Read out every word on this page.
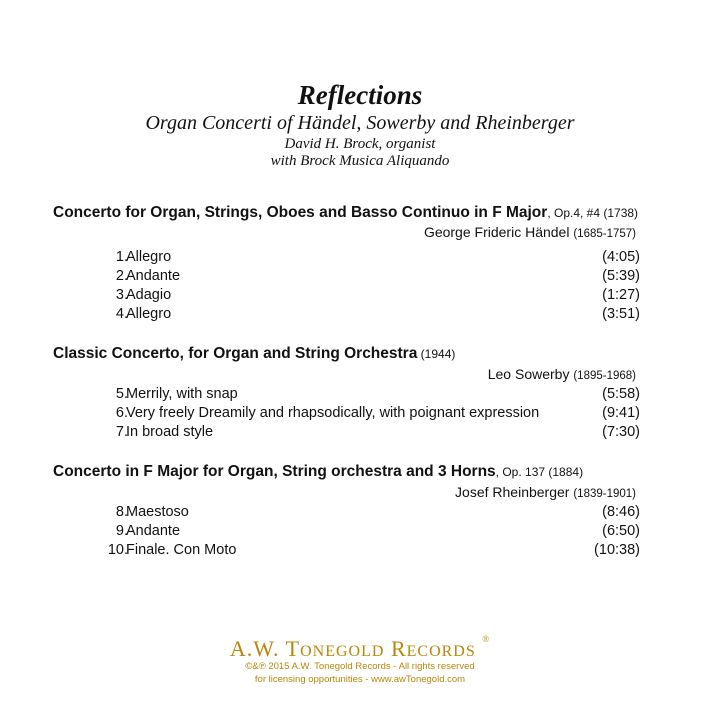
Reflections
Organ Concerti of Händel, Sowerby and Rheinberger
David H. Brock, organist
with Brock Musica Aliquando
Concerto for Organ, Strings, Oboes and Basso Continuo in F Major, Op.4, #4 (1738)
George Frideric Händel (1685-1757)
1.
Allegro	(4:05)
2.
Andante	(5:39)
3.
Adagio	(1:27)
4.
Allegro	(3:51)
Classic Concerto, for Organ and String Orchestra (1944)
Leo Sowerby (1895-1968)
5.
Merrily, with snap	(5:58)
6.
Very freely Dreamily and rhapsodically, with poignant expression	(9:41)
7.
In broad style	(7:30)
Concerto in F Major for Organ, String orchestra and 3 Horns, Op. 137 (1884)
Josef Rheinberger (1839-1901)
8.
Maestoso	(8:46)
9.
Andante	(6:50)
10.
Finale. Con Moto	(10:38)
A.W. TONEGOLD RECORDS ®
©&℗ 2015 A.W. Tonegold Records - All rights reserved
for licensing opportunities - www.awTonegold.com
